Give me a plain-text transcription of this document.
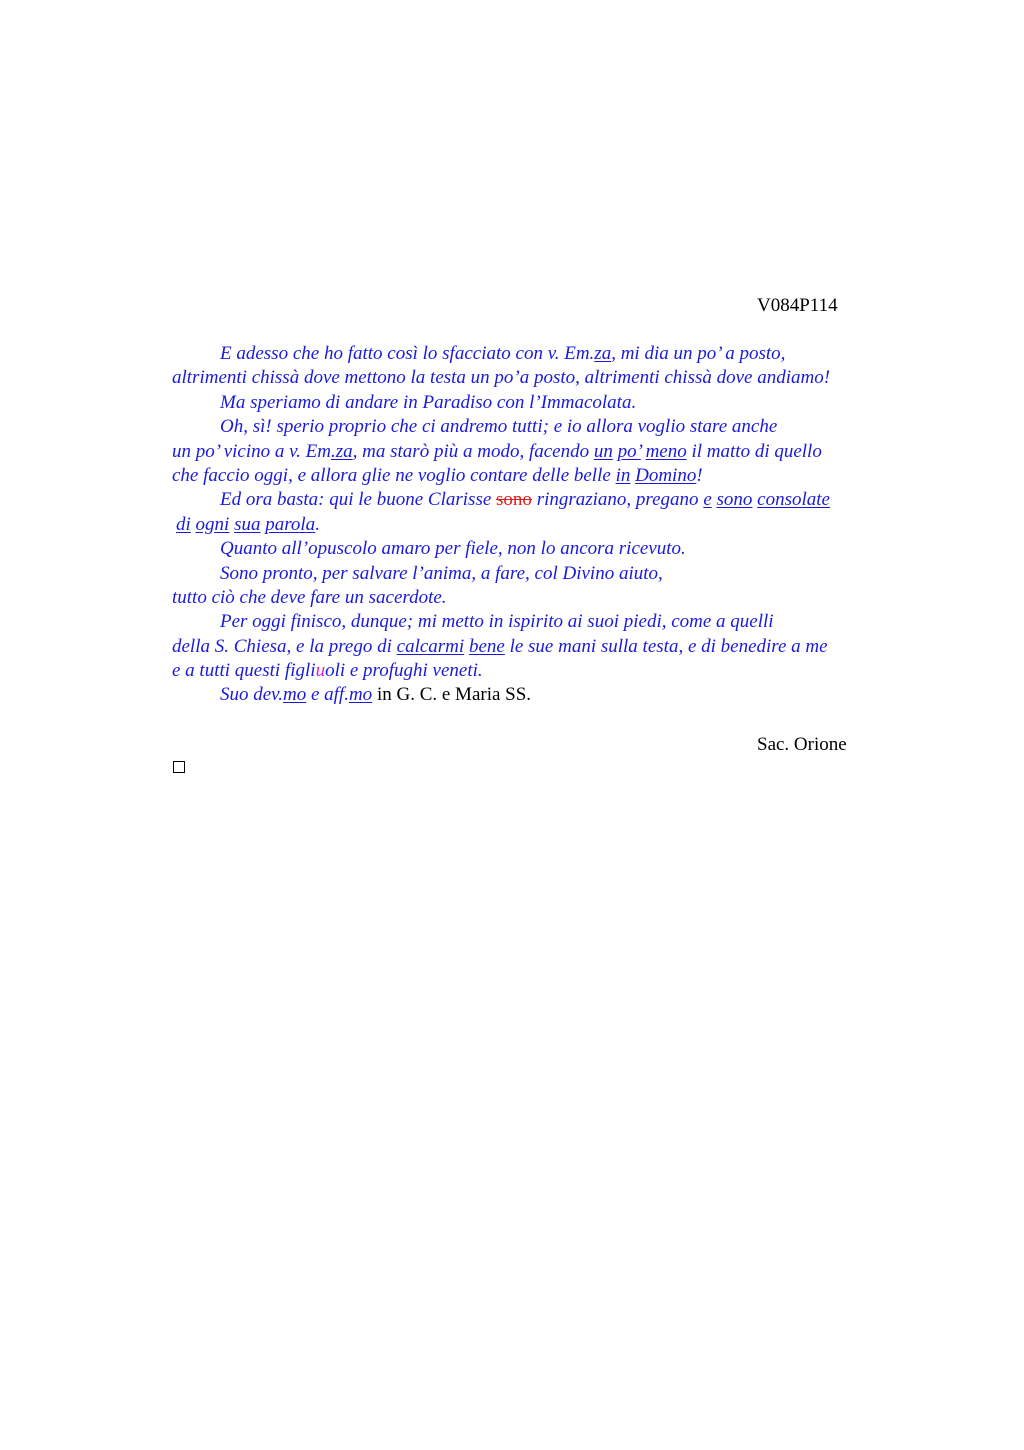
V084P114
E adesso che ho fatto così lo sfacciato con v. Em.za, mi dia un po’ a posto,
altrimenti chissà dove mettono la testa un po’a posto, altrimenti chissà dove andiamo!
Ma speriamo di andare in Paradiso con l’Immacolata.
Oh, sì! sperio proprio che ci andremo tutti; e io allora voglio stare anche
un po’ vicino a v. Em.za, ma starò più a modo, facendo un po’ meno il matto di quello
che faccio oggi, e allora glie ne voglio contare delle belle in Domino!
Ed ora basta: qui le buone Clarisse sono ringraziano, pregano e sono consolate
di ogni sua parola.
Quanto all’opuscolo amaro per fiele, non lo ancora ricevuto.
Sono pronto, per salvare l’anima, a fare, col Divino aiuto,
tutto ciò che deve fare un sacerdote.
Per oggi finisco, dunque; mi metto in ispirito ai suoi piedi, come a quelli
della S. Chiesa, e la prego di calcarmi bene le sue mani sulla testa, e di benedire a me
e a tutti questi figliuoli e profughi veneti.
Suo dev.mo e aff.mo in G. C. e Maria SS.
Sac. Orione
